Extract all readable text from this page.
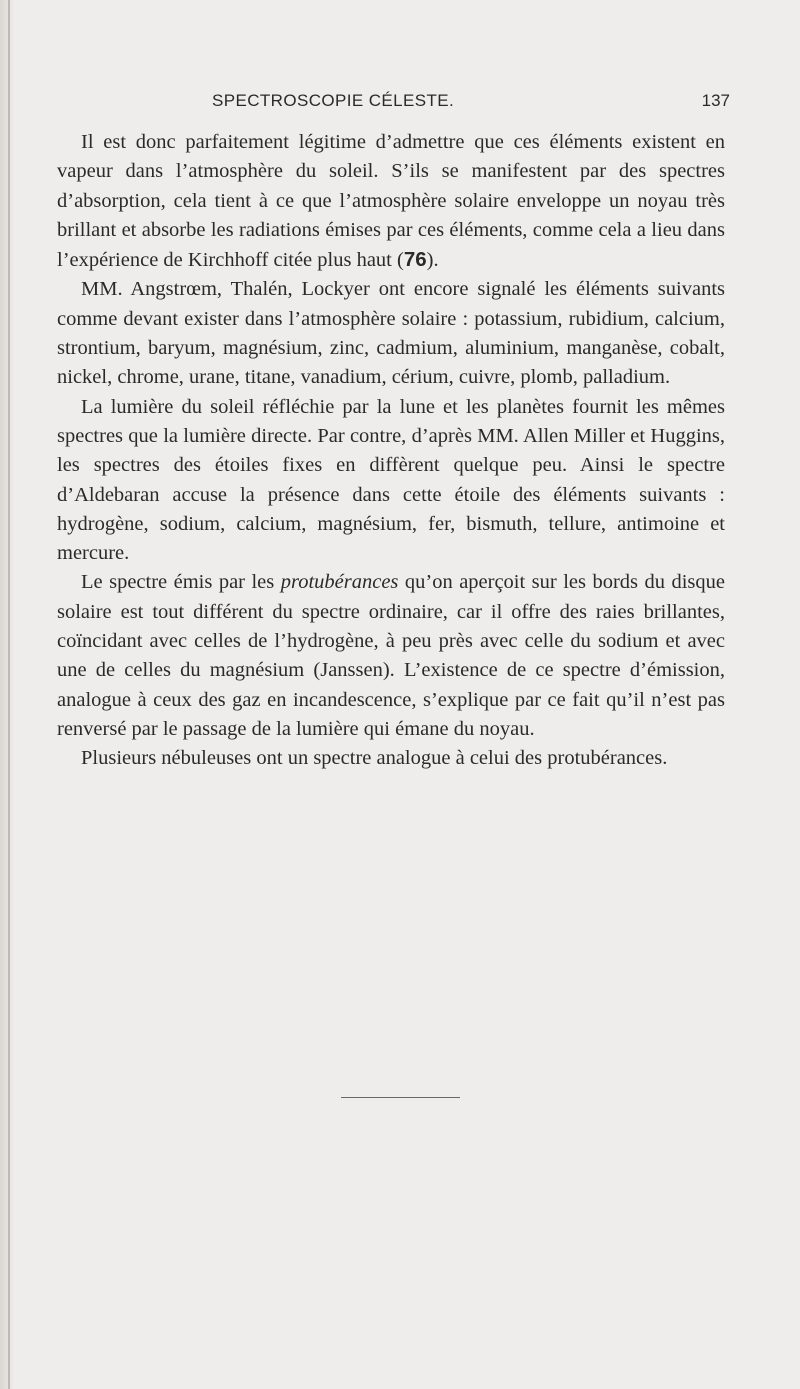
SPECTROSCOPIE CÉLESTE.	137

Il est donc parfaitement légitime d’admettre que ces éléments existent en vapeur dans l’atmosphère du soleil. S’ils se manifestent par des spectres d’absorption, cela tient à ce que l’atmosphère solaire enveloppe un noyau très brillant et absorbe les radiations émises par ces éléments, comme cela a lieu dans l’expérience de Kirchhoff citée plus haut (76).

MM. Angstrœm, Thalén, Lockyer ont encore signalé les éléments suivants comme devant exister dans l’atmosphère solaire : potassium, rubidium, calcium, strontium, baryum, magnésium, zinc, cadmium, aluminium, manganèse, cobalt, nickel, chrome, urane, titane, vanadium, cérium, cuivre, plomb, palladium.

La lumière du soleil réfléchie par la lune et les planètes fournit les mêmes spectres que la lumière directe. Par contre, d’après MM. Allen Miller et Huggins, les spectres des étoiles fixes en diffèrent quelque peu. Ainsi le spectre d’Aldebaran accuse la présence dans cette étoile des éléments suivants : hydrogène, sodium, calcium, magnésium, fer, bismuth, tellure, antimoine et mercure.

Le spectre émis par les protubérances qu’on aperçoit sur les bords du disque solaire est tout différent du spectre ordinaire, car il offre des raies brillantes, coïncidant avec celles de l’hydrogène, à peu près avec celle du sodium et avec une de celles du magnésium (Janssen). L’existence de ce spectre d’émission, analogue à ceux des gaz en incandescence, s’explique par ce fait qu’il n’est pas renversé par le passage de la lumière qui émane du noyau.

Plusieurs nébuleuses ont un spectre analogue à celui des protubérances.
